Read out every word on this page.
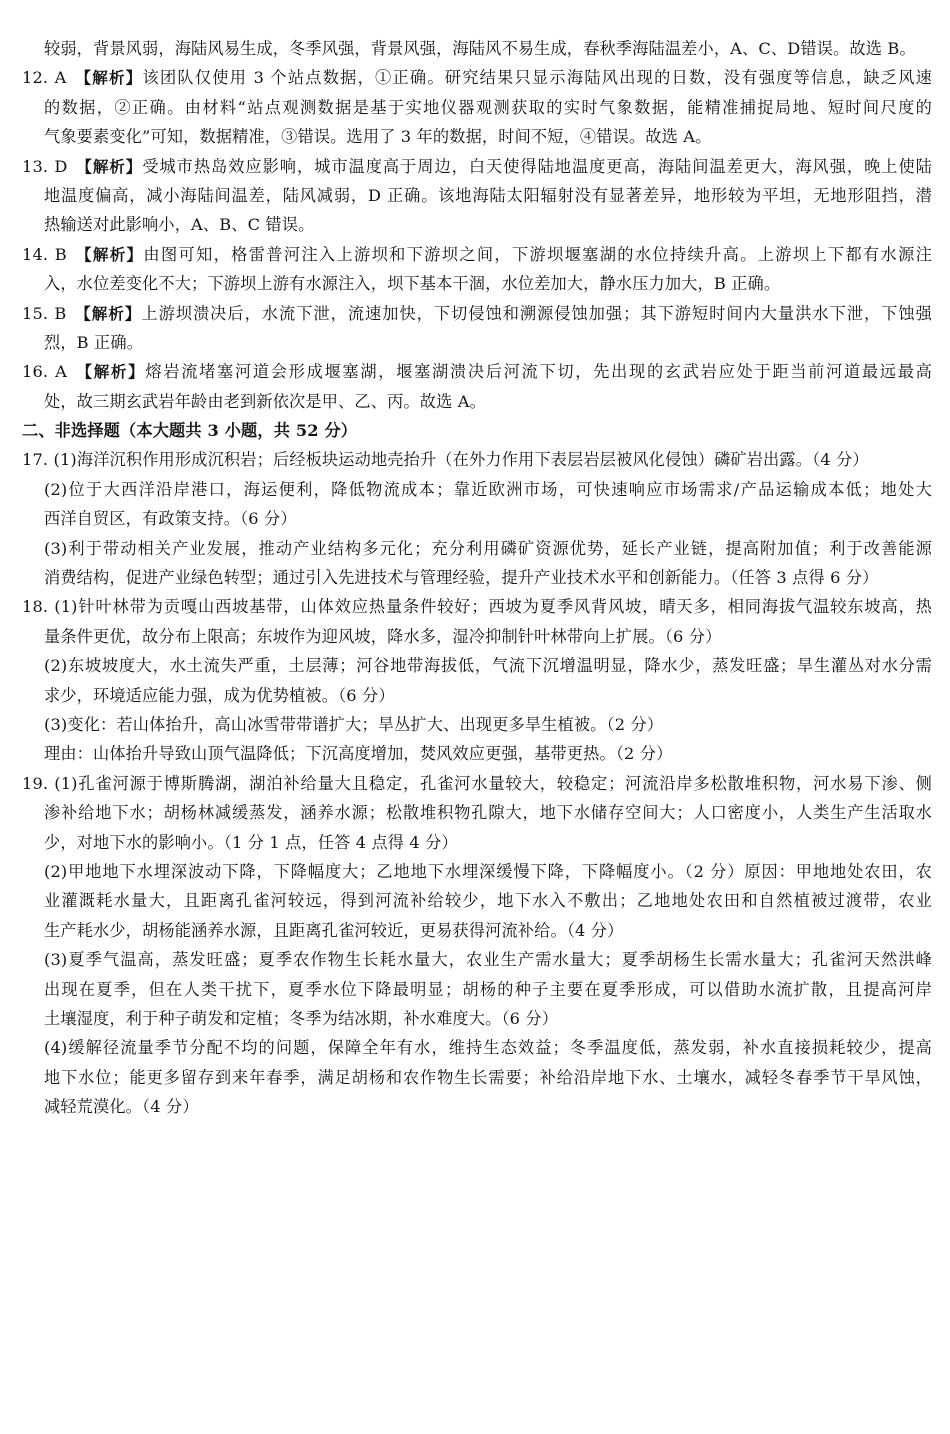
较弱，背景风弱，海陆风易生成，冬季风强，背景风强，海陆风不易生成，春秋季海陆温差小，A、C、D错误。故选 B。
12. A 【解析】该团队仅使用 3 个站点数据，①正确。研究结果只显示海陆风出现的日数，没有强度等信息，缺乏风速
的数据，②正确。由材料“站点观测数据是基于实地仪器观测获取的实时气象数据，能精准捕捉局地、短时间尺度的
气象要素变化”可知，数据精准，③错误。选用了 3 年的数据，时间不短，④错误。故选 A。
13. D 【解析】受城市热岛效应影响，城市温度高于周边，白天使得陆地温度更高，海陆间温差更大，海风强，晚上使陆
地温度偏高，减小海陆间温差，陆风减弱，D 正确。该地海陆太阳辐射没有显著差异，地形较为平坦，无地形阻挡，潜
热输送对此影响小，A、B、C 错误。
14. B 【解析】由图可知，格雷普河注入上游坝和下游坝之间，下游坝堰塞湖的水位持续升高。上游坝上下都有水源注
入，水位差变化不大；下游坝上游有水源注入，坝下基本干涸，水位差加大，静水压力加大，B 正确。
15. B 【解析】上游坝溃决后，水流下泄，流速加快，下切侵蚀和溯源侵蚀加强；其下游短时间内大量洪水下泄，下蚀强
烈，B 正确。
16. A 【解析】熔岩流堵塞河道会形成堰塞湖，堰塞湖溃决后河流下切，先出现的玄武岩应处于距当前河道最远最高
处，故三期玄武岩年龄由老到新依次是甲、乙、丙。故选 A。
二、非选择题（本大题共 3 小题，共 52 分）
17. (1)海洋沉积作用形成沉积岩；后经板块运动地壳抬升（在外力作用下表层岩层被风化侵蚀）磷矿岩出露。（4 分）
(2)位于大西洋沿岸港口，海运便利，降低物流成本；靠近欧洲市场，可快速响应市场需求/产品运输成本低；地处大
西洋自贸区，有政策支持。（6 分）
(3)利于带动相关产业发展，推动产业结构多元化；充分利用磷矿资源优势，延长产业链，提高附加值；利于改善能源
消费结构，促进产业绿色转型；通过引入先进技术与管理经验，提升产业技术水平和创新能力。（任答 3 点得 6 分）
18. (1)针叶林带为贡嘎山西坡基带，山体效应热量条件较好；西坡为夏季风背风坡，晴天多，相同海拔气温较东坡高，热
量条件更优，故分布上限高；东坡作为迎风坡，降水多，湿冷抑制针叶林带向上扩展。（6 分）
(2)东坡坡度大，水土流失严重，土层薄；河谷地带海拔低，气流下沉增温明显，降水少，蒸发旺盛；旱生灌丛对水分需
求少，环境适应能力强，成为优势植被。（6 分）
(3)变化：若山体抬升，高山冰雪带带谱扩大；旱丛扩大、出现更多旱生植被。（2 分）
理由：山体抬升导致山顶气温降低；下沉高度增加，焚风效应更强，基带更热。（2 分）
19. (1)孔雀河源于博斯腾湖，湖泊补给量大且稳定，孔雀河水量较大，较稳定；河流沿岸多松散堆积物，河水易下渗、侧
渗补给地下水；胡杨林减缓蒸发，涵养水源；松散堆积物孔隙大，地下水储存空间大；人口密度小，人类生产生活取水
少，对地下水的影响小。（1 分 1 点，任答 4 点得 4 分）
(2)甲地地下水埋深波动下降，下降幅度大；乙地地下水埋深缓慢下降，下降幅度小。（2 分）原因：甲地地处农田，农
业灌溉耗水量大，且距离孔雀河较远，得到河流补给较少，地下水入不敷出；乙地地处农田和自然植被过渡带，农业
生产耗水少，胡杨能涵养水源，且距离孔雀河较近，更易获得河流补给。（4 分）
(3)夏季气温高，蒸发旺盛；夏季农作物生长耗水量大，农业生产需水量大；夏季胡杨生长需水量大；孔雀河天然洪峰
出现在夏季，但在人类干扰下，夏季水位下降最明显；胡杨的种子主要在夏季形成，可以借助水流扩散，且提高河岸
土壤湿度，利于种子萌发和定植；冬季为结冰期，补水难度大。（6 分）
(4)缓解径流量季节分配不均的问题，保障全年有水，维持生态效益；冬季温度低，蒸发弱，补水直接损耗较少，提高
地下水位；能更多留存到来年春季，满足胡杨和农作物生长需要；补给沿岸地下水、土壤水，减轻冬春季节干旱风蚀，
减轻荒漠化。（4 分）
